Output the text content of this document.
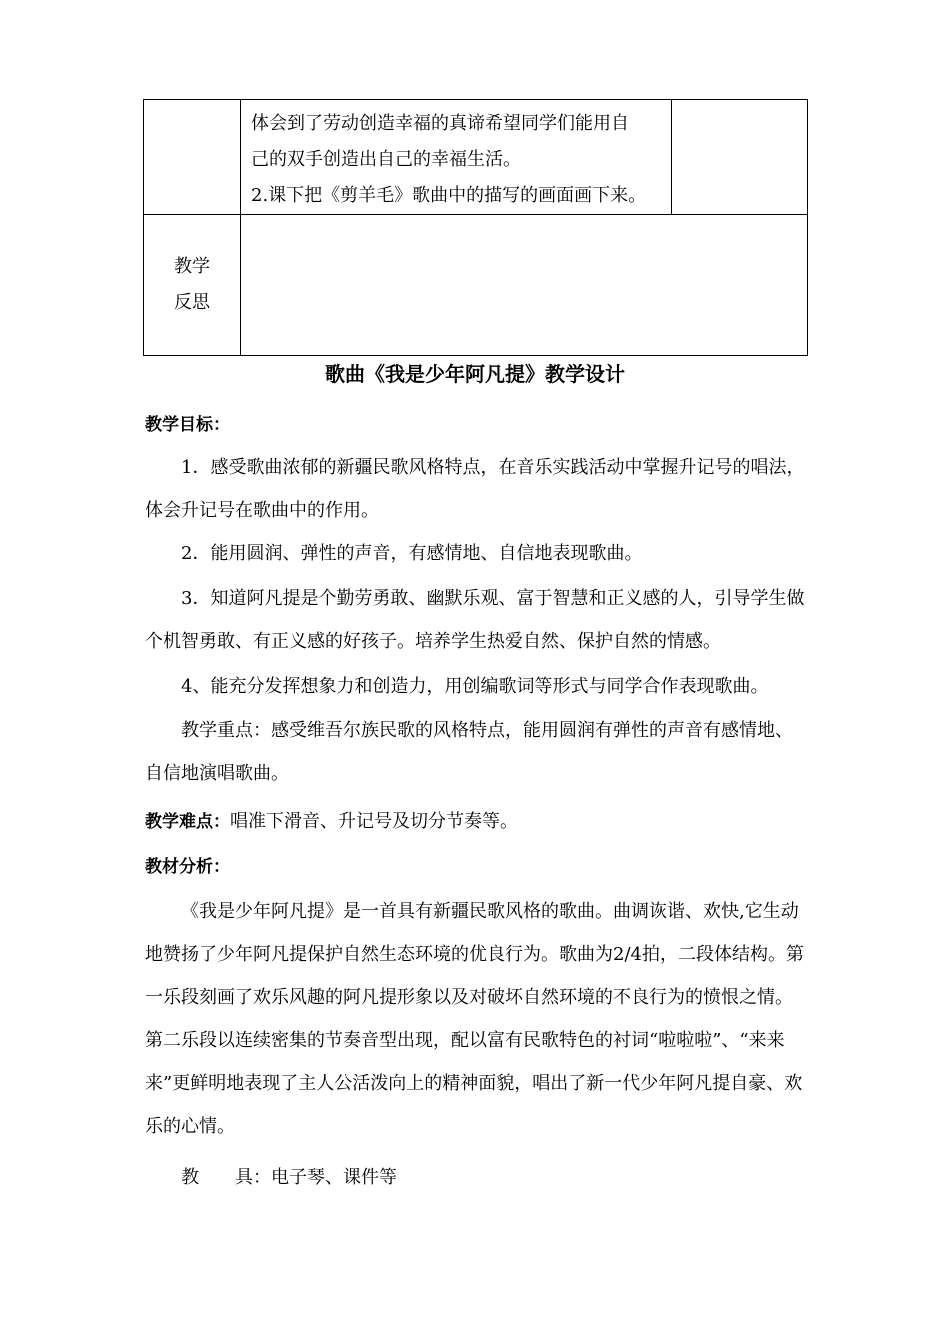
	体会到了劳动创造幸福的真谛希望同学们能用自
己的双手创造出自己的幸福生活。
2.课下把《剪羊毛》歌曲中的描写的画面画下来。	

教学
反思		

歌曲《我是少年阿凡提》教学设计

教学目标：

1．感受歌曲浓郁的新疆民歌风格特点，在音乐实践活动中掌握升记号的唱法，体会升记号在歌曲中的作用。

2．能用圆润、弹性的声音，有感情地、自信地表现歌曲。

3．知道阿凡提是个勤劳勇敢、幽默乐观、富于智慧和正义感的人，引导学生做个机智勇敢、有正义感的好孩子。培养学生热爱自然、保护自然的情感。

4、能充分发挥想象力和创造力，用创编歌词等形式与同学合作表现歌曲。

教学重点：感受维吾尔族民歌的风格特点，能用圆润有弹性的声音有感情地、自信地演唱歌曲。

教学难点：唱准下滑音、升记号及切分节奏等。

教材分析：

《我是少年阿凡提》是一首具有新疆民歌风格的歌曲。曲调诙谐、欢快,它生动地赞扬了少年阿凡提保护自然生态环境的优良行为。歌曲为2/4拍，二段体结构。第一乐段刻画了欢乐风趣的阿凡提形象以及对破坏自然环境的不良行为的愤恨之情。第二乐段以连续密集的节奏音型出现，配以富有民歌特色的衬词“啦啦啦”、“来来来”更鲜明地表现了主人公活泼向上的精神面貌，唱出了新一代少年阿凡提自豪、欢乐的心情。

教　　具：电子琴、课件等
